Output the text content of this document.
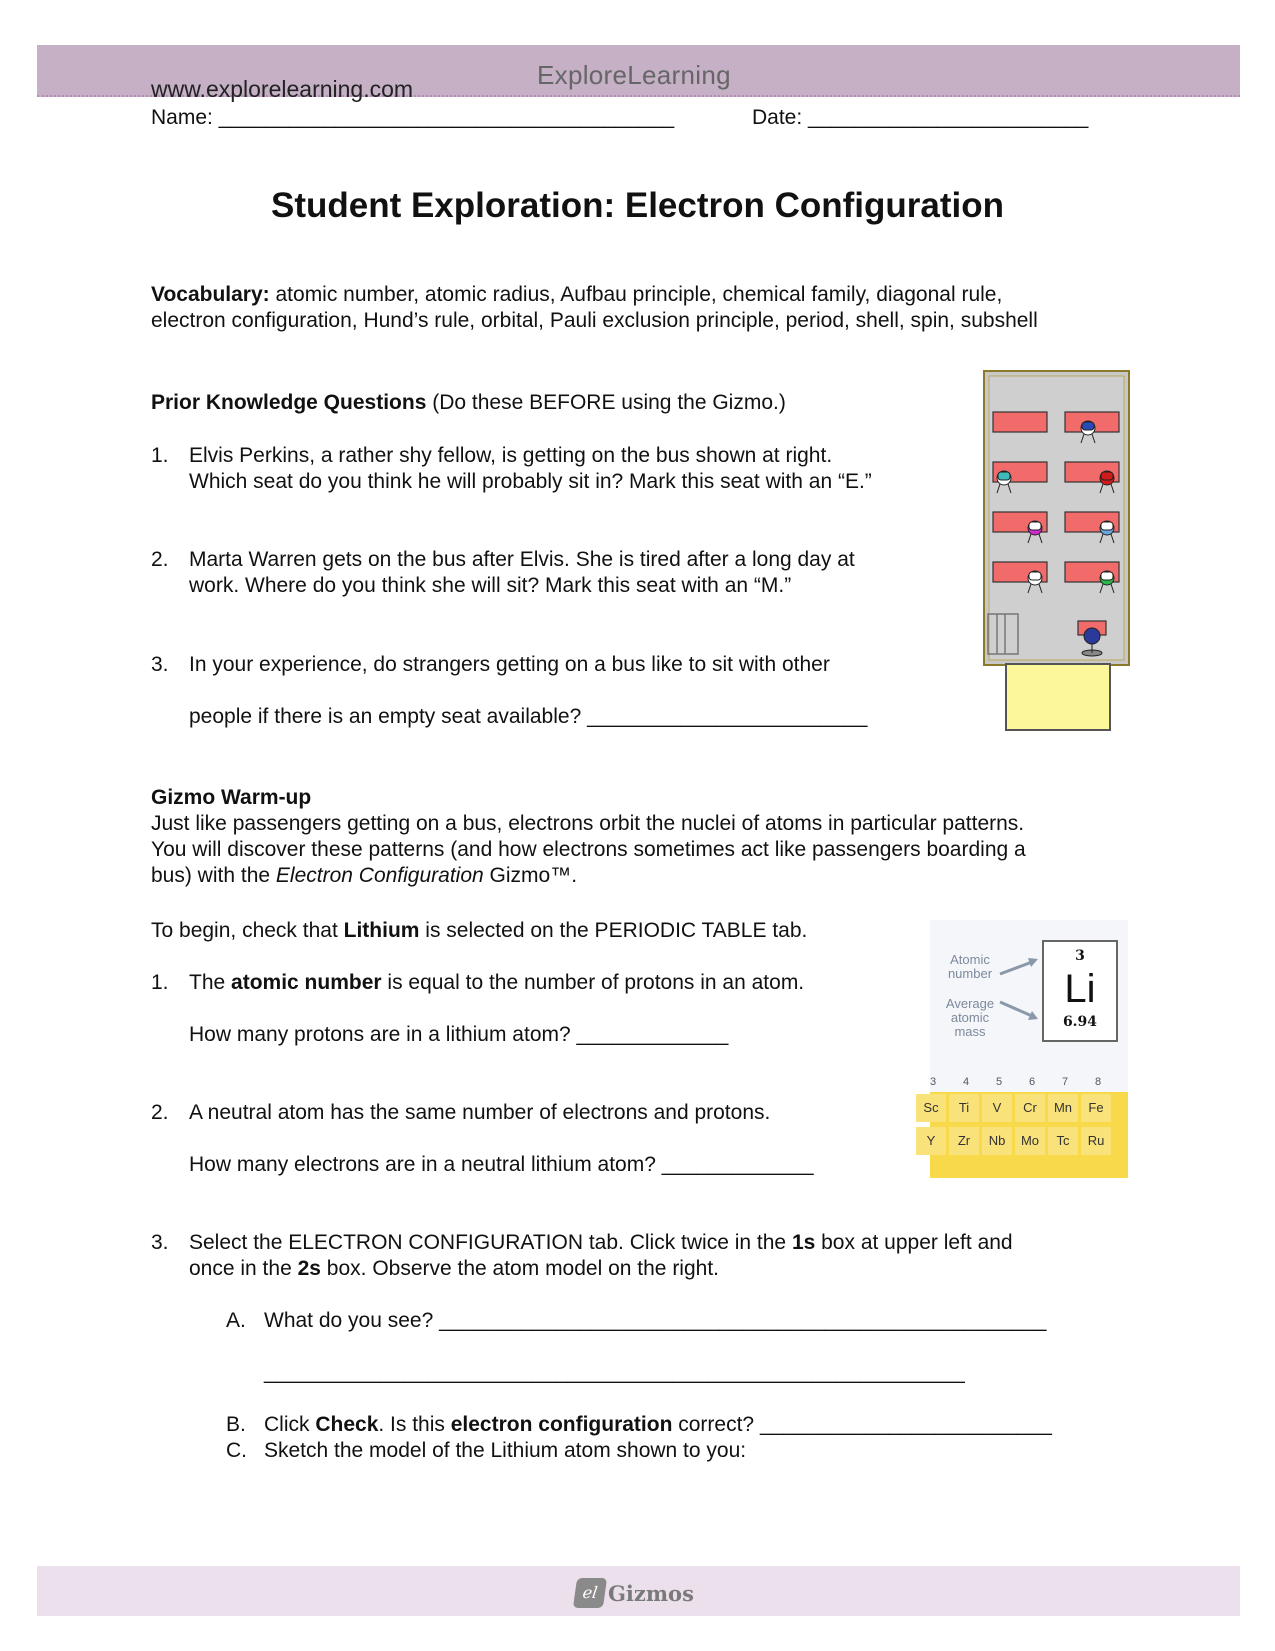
www.explorelearning.com	ExploreLearning
el Gizmos
Name: _______________________________________	Date: ________________________
Student Exploration: Electron Configuration
Vocabulary: atomic number, atomic radius, Aufbau principle, chemical family, diagonal rule,
electron configuration, Hund’s rule, orbital, Pauli exclusion principle, period, shell, spin, subshell
Prior Knowledge Questions (Do these BEFORE using the Gizmo.)
1. Elvis Perkins, a rather shy fellow, is getting on the bus shown at right.
Which seat do you think he will probably sit in? Mark this seat with an “E.”
2. Marta Warren gets on the bus after Elvis. She is tired after a long day at
work. Where do you think she will sit? Mark this seat with an “M.”
3. In your experience, do strangers getting on a bus like to sit with other
people if there is an empty seat available? ________________________
Gizmo Warm-up
Just like passengers getting on a bus, electrons orbit the nuclei of atoms in particular patterns.
You will discover these patterns (and how electrons sometimes act like passengers boarding a
bus) with the Electron Configuration Gizmo™.
To begin, check that Lithium is selected on the PERIODIC TABLE tab.
1. The atomic number is equal to the number of protons in an atom.
How many protons are in a lithium atom? _____________
2. A neutral atom has the same number of electrons and protons.
How many electrons are in a neutral lithium atom? _____________
3. Select the ELECTRON CONFIGURATION tab. Click twice in the 1s box at upper left and
once in the 2s box. Observe the atom model on the right.
A. What do you see? ____________________________________________________
____________________________________________________________
B. Click Check. Is this electron configuration correct? _________________________
C. Sketch the model of the Lithium atom shown to you:
Atomic number
Average atomic mass
3
Li
6.94
3 4 5 6 7 8
Sc Ti V Cr Mn Fe
Y Zr Nb Mo Tc Ru
